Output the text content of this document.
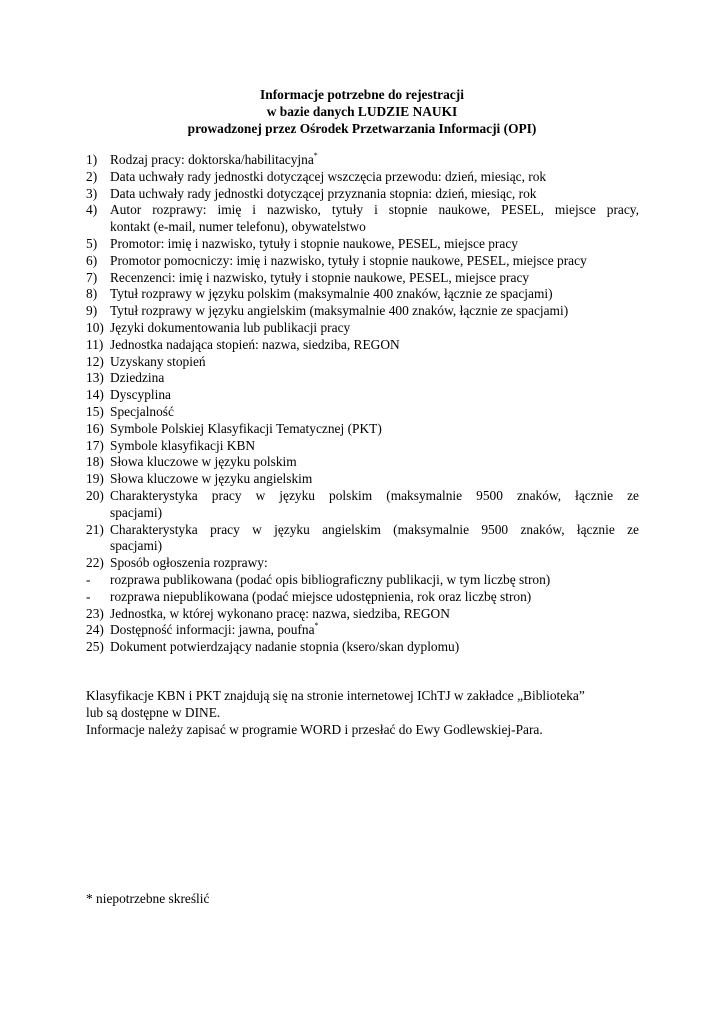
Informacje potrzebne do rejestracji
w bazie danych LUDZIE NAUKI
prowadzonej przez Ośrodek Przetwarzania Informacji (OPI)
1) Rodzaj pracy: doktorska/habilitacyjna*
2) Data uchwały rady jednostki dotyczącej wszczęcia przewodu: dzień, miesiąc, rok
3) Data uchwały rady jednostki dotyczącej przyznania stopnia: dzień, miesiąc, rok
4) Autor rozprawy: imię i nazwisko, tytuły i stopnie naukowe, PESEL, miejsce pracy,
kontakt (e-mail, numer telefonu), obywatelstwo
5) Promotor: imię i nazwisko, tytuły i stopnie naukowe, PESEL, miejsce pracy
6) Promotor pomocniczy: imię i nazwisko, tytuły i stopnie naukowe, PESEL, miejsce pracy
7) Recenzenci: imię i nazwisko, tytuły i stopnie naukowe, PESEL, miejsce pracy
8) Tytuł rozprawy w języku polskim (maksymalnie 400 znaków, łącznie ze spacjami)
9) Tytuł rozprawy w języku angielskim (maksymalnie 400 znaków, łącznie ze spacjami)
10) Języki dokumentowania lub publikacji pracy
11) Jednostka nadająca stopień: nazwa, siedziba, REGON
12) Uzyskany stopień
13) Dziedzina
14) Dyscyplina
15) Specjalność
16) Symbole Polskiej Klasyfikacji Tematycznej (PKT)
17) Symbole klasyfikacji KBN
18) Słowa kluczowe w języku polskim
19) Słowa kluczowe w języku angielskim
20) Charakterystyka pracy w języku polskim (maksymalnie 9500 znaków, łącznie ze
spacjami)
21) Charakterystyka pracy w języku angielskim (maksymalnie 9500 znaków, łącznie ze
spacjami)
22) Sposób ogłoszenia rozprawy:
-	rozprawa publikowana (podać opis bibliograficzny publikacji, w tym liczbę stron)
-	rozprawa niepublikowana (podać miejsce udostępnienia, rok oraz liczbę stron)
23) Jednostka, w której wykonano pracę: nazwa, siedziba, REGON
24) Dostępność informacji: jawna, poufna*
25) Dokument potwierdzający nadanie stopnia (ksero/skan dyplomu)
Klasyfikacje KBN i PKT znajdują się na stronie internetowej IChTJ w zakładce „Biblioteka”
lub są dostępne w DINE.
Informacje należy zapisać w programie WORD i przesłać do Ewy Godlewskiej-Para.
* niepotrzebne skreślić
